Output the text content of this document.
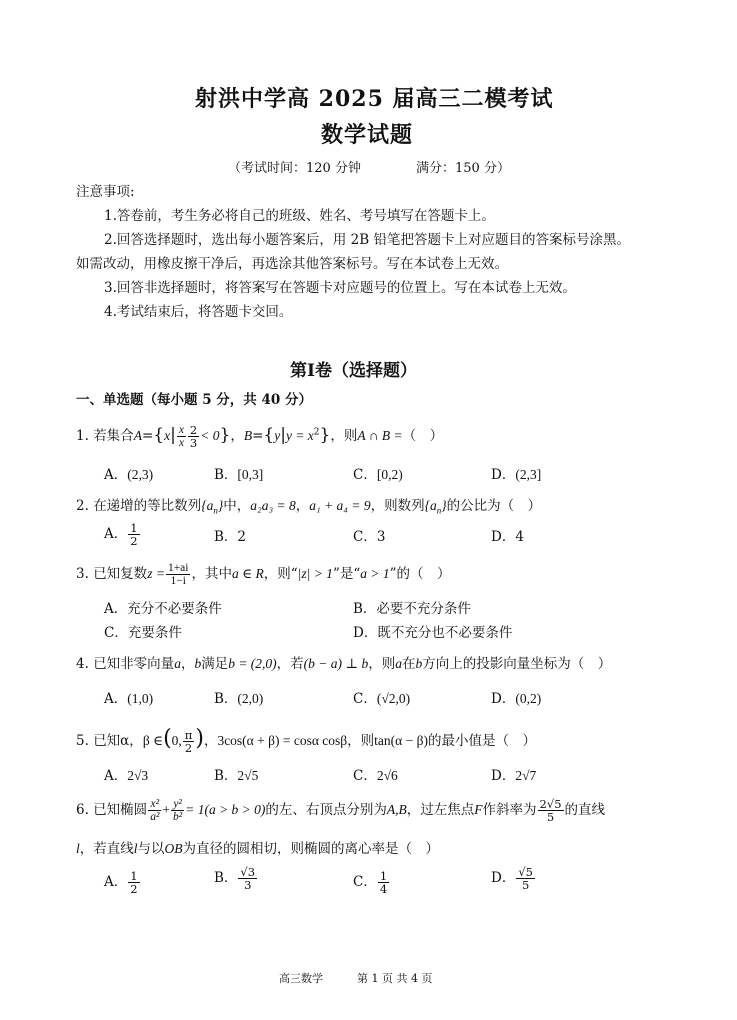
射洪中学高 2025 届高三二模考试
数学试题
（考试时间：120 分钟	满分：150 分）
注意事项:
1.答卷前，考生务必将自己的班级、姓名、考号填写在答题卡上。
2.回答选择题时，选出每小题答案后，用 2B 铅笔把答题卡上对应题目的答案标号涂黑。
如需改动，用橡皮擦干净后，再选涂其他答案标号。写在本试卷上无效。
3.回答非选择题时，将答案写在答题卡对应题号的位置上。写在本试卷上无效。
4.考试结束后，将答题卡交回。
第Ⅰ卷（选择题）
一、单选题（每小题 5 分，共 40 分）
1. 若集合$A=\{x| \frac{x}{x} \frac{2}{3} < 0\}$，$B=\{y|y = x^2\}$，则A ∩ B =（　）
A．(2,3)	B．[0,3]	C．[0,2)	D．(2,3]
2. 在递增的等比数列$\{a_n\}$中，a₂a₃ = 8，a₁ + a₄ = 9，则数列$\{a_n\}$的公比为（　）
A． $\frac{1}{2}$	B．2	C．3	D．4
3. 已知复数$z = \frac{1+ai}{1-i}$ ，其中a ∈ R，则“|z| > 1”是“a > 1”的（　）
A．充分不必要条件	B．必要不充分条件
C．充要条件	D．既不充分也不必要条件
4. 已知非零向量a，b满足b = (2,0)，若(b − a) ⊥ b，则a在b方向上的投影向量坐标为（　）
A．(1,0)	B．(2,0)	C．(√2,0)	D．(0,2)
5. 已知α，β ∈(0, $\frac{\pi}{2}$ )，3cos(α + β) = cosα cosβ，则tan(α − β)的最小值是（　）
A．2√3	B．2√5	C．2√6	D．2√7
6. 已知椭圆 $\frac{\text{x²}}{\text{a²}} + \frac{\text{y²}}{\text{b²}} = 1(a > b > 0)$的左、右顶点分别为A,B，过左焦点F作斜率为 $\frac{2√5}{5}$ 的直线
l，若直线l与以OB为直径的圆相切，则椭圆的离心率是（　）
A． $\frac{1}{2}$	B． $\frac{√3}{3}$	C． $\frac{1}{4}$	D． $\frac{√5}{5}$
高三数学	第 1 页 共 4 页
